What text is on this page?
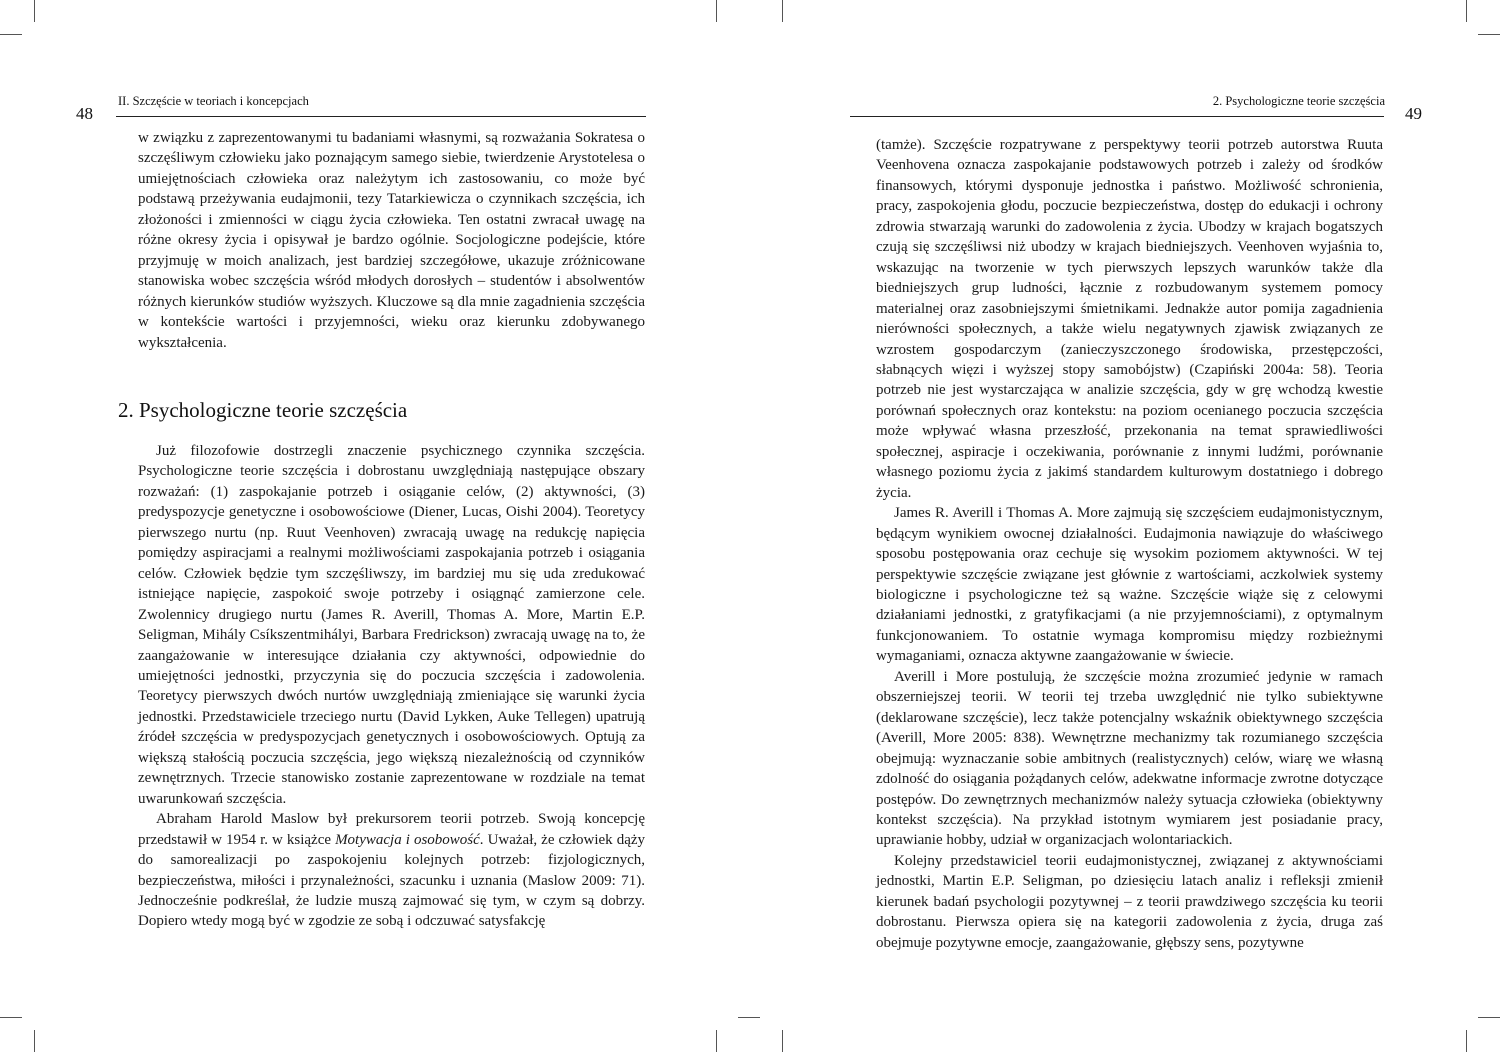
48
II. Szczęście w teoriach i koncepcjach

w związku z zaprezentowanymi tu badaniami własnymi, są rozważania Sokratesa o szczęśliwym człowieku jako poznającym samego siebie, twierdzenie Arystotelesa o umiejętnościach człowieka oraz należytym ich zastosowaniu, co może być podstawą przeżywania eudajmonii, tezy Tatarkiewicza o czynnikach szczęścia, ich złożoności i zmienności w ciągu życia człowieka. Ten ostatni zwracał uwagę na różne okresy życia i opisywał je bardzo ogólnie. Socjologiczne podejście, które przyjmuję w moich analizach, jest bardziej szczegółowe, ukazuje zróżnicowane stanowiska wobec szczęścia wśród młodych dorosłych – studentów i absolwentów różnych kierunków studiów wyższych. Kluczowe są dla mnie zagadnienia szczęścia w kontekście wartości i przyjemności, wieku oraz kierunku zdobywanego wykształcenia.

2. Psychologiczne teorie szczęścia

Już filozofowie dostrzegli znaczenie psychicznego czynnika szczęścia. Psychologiczne teorie szczęścia i dobrostanu uwzględniają następujące obszary rozważań: (1) zaspokajanie potrzeb i osiąganie celów, (2) aktywności, (3) predyspozycje genetyczne i osobowościowe (Diener, Lucas, Oishi 2004). Teoretycy pierwszego nurtu (np. Ruut Veenhoven) zwracają uwagę na redukcję napięcia pomiędzy aspiracjami a realnymi możliwościami zaspokajania potrzeb i osiągania celów. Człowiek będzie tym szczęśliwszy, im bardziej mu się uda zredukować istniejące napięcie, zaspokoić swoje potrzeby i osiągnąć zamierzone cele. Zwolennicy drugiego nurtu (James R. Averill, Thomas A. More, Martin E.P. Seligman, Mihály Csíkszentmihályi, Barbara Fredrickson) zwracają uwagę na to, że zaangażowanie w interesujące działania czy aktywności, odpowiednie do umiejętności jednostki, przyczynia się do poczucia szczęścia i zadowolenia. Teoretycy pierwszych dwóch nurtów uwzględniają zmieniające się warunki życia jednostki. Przedstawiciele trzeciego nurtu (David Lykken, Auke Tellegen) upatrują źródeł szczęścia w predyspozycjach genetycznych i osobowościowych. Optują za większą stałością poczucia szczęścia, jego większą niezależnością od czynników zewnętrznych. Trzecie stanowisko zostanie zaprezentowane w rozdziale na temat uwarunkowań szczęścia.

Abraham Harold Maslow był prekursorem teorii potrzeb. Swoją koncepcję przedstawił w 1954 r. w książce Motywacja i osobowość. Uważał, że człowiek dąży do samorealizacji po zaspokojeniu kolejnych potrzeb: fizjologicznych, bezpieczeństwa, miłości i przynależności, szacunku i uznania (Maslow 2009: 71). Jednocześnie podkreślał, że ludzie muszą zajmować się tym, w czym są dobrzy. Dopiero wtedy mogą być w zgodzie ze sobą i odczuwać satysfakcję

2. Psychologiczne teorie szczęścia
49

(tamże). Szczęście rozpatrywane z perspektywy teorii potrzeb autorstwa Ruuta Veenhovena oznacza zaspokajanie podstawowych potrzeb i zależy od środków finansowych, którymi dysponuje jednostka i państwo. Możliwość schronienia, pracy, zaspokojenia głodu, poczucie bezpieczeństwa, dostęp do edukacji i ochrony zdrowia stwarzają warunki do zadowolenia z życia. Ubodzy w krajach bogatszych czują się szczęśliwsi niż ubodzy w krajach biedniejszych. Veenhoven wyjaśnia to, wskazując na tworzenie w tych pierwszych lepszych warunków także dla biedniejszych grup ludności, łącznie z rozbudowanym systemem pomocy materialnej oraz zasobniejszymi śmietnikami. Jednakże autor pomija zagadnienia nierówności społecznych, a także wielu negatywnych zjawisk związanych ze wzrostem gospodarczym (zanieczyszczonego środowiska, przestępczości, słabnących więzi i wyższej stopy samobójstw) (Czapiński 2004a: 58). Teoria potrzeb nie jest wystarczająca w analizie szczęścia, gdy w grę wchodzą kwestie porównań społecznych oraz kontekstu: na poziom ocenianego poczucia szczęścia może wpływać własna przeszłość, przekonania na temat sprawiedliwości społecznej, aspiracje i oczekiwania, porównanie z innymi ludźmi, porównanie własnego poziomu życia z jakimś standardem kulturowym dostatniego i dobrego życia.

James R. Averill i Thomas A. More zajmują się szczęściem eudajmonistycznym, będącym wynikiem owocnej działalności. Eudajmonia nawiązuje do właściwego sposobu postępowania oraz cechuje się wysokim poziomem aktywności. W tej perspektywie szczęście związane jest głównie z wartościami, aczkolwiek systemy biologiczne i psychologiczne też są ważne. Szczęście wiąże się z celowymi działaniami jednostki, z gratyfikacjami (a nie przyjemnościami), z optymalnym funkcjonowaniem. To ostatnie wymaga kompromisu między rozbieżnymi wymaganiami, oznacza aktywne zaangażowanie w świecie.

Averill i More postulują, że szczęście można zrozumieć jedynie w ramach obszerniejszej teorii. W teorii tej trzeba uwzględnić nie tylko subiektywne (deklarowane szczęście), lecz także potencjalny wskaźnik obiektywnego szczęścia (Averill, More 2005: 838). Wewnętrzne mechanizmy tak rozumianego szczęścia obejmują: wyznaczanie sobie ambitnych (realistycznych) celów, wiarę we własną zdolność do osiągania pożądanych celów, adekwatne informacje zwrotne dotyczące postępów. Do zewnętrznych mechanizmów należy sytuacja człowieka (obiektywny kontekst szczęścia). Na przykład istotnym wymiarem jest posiadanie pracy, uprawianie hobby, udział w organizacjach wolontariackich.

Kolejny przedstawiciel teorii eudajmonistycznej, związanej z aktywnościami jednostki, Martin E.P. Seligman, po dziesięciu latach analiz i refleksji zmienił kierunek badań psychologii pozytywnej – z teorii prawdziwego szczęścia ku teorii dobrostanu. Pierwsza opiera się na kategorii zadowolenia z życia, druga zaś obejmuje pozytywne emocje, zaangażowanie, głębszy sens, pozytywne
